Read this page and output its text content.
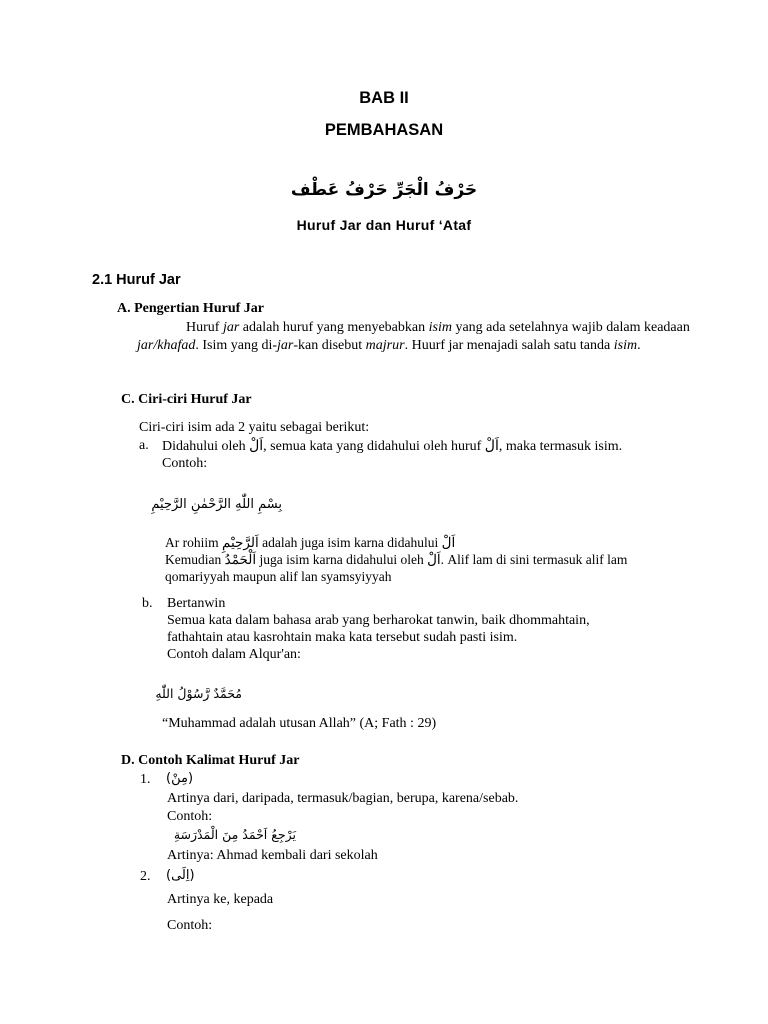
BAB II
PEMBAHASAN
حَرْفُ الْجَرِّ حَرْفُ عَطْف
Huruf Jar dan Huruf ‘Ataf
2.1 Huruf Jar
A. Pengertian Huruf Jar
Huruf jar adalah huruf yang menyebabkan isim yang ada setelahnya wajib dalam keadaan
jar/khafad. Isim yang di-jar-kan disebut majrur. Huurf jar menajadi salah satu tanda isim.
C. Ciri-ciri Huruf Jar
Ciri-ciri isim ada 2 yaitu sebagai berikut:
a. Didahului oleh اَلْ, semua kata yang didahului oleh huruf اَلْ, maka termasuk isim.
Contoh:
بِسْمِ اللّٰهِ الرَّحْمٰنِ الرَّحِيْمِ
Ar rohiim اَلرَّحِيْمِ adalah juga isim karna didahului اَلْ
Kemudian اَلْحَمْدُ juga isim karna didahului oleh اَلْ. Alif lam di sini termasuk alif lam
qomariyyah maupun alif lan syamsyiyyah
b. Bertanwin
Semua kata dalam bahasa arab yang berharokat tanwin, baik dhommahtain,
fathahtain atau kasrohtain maka kata tersebut sudah pasti isim.
Contoh dalam Alqur'an:
مُحَمَّدٌ رَّسُوْلُ اللّٰهِ
“Muhammad adalah utusan Allah” (A; Fath : 29)
D. Contoh Kalimat Huruf Jar
1. (مِنْ)
Artinya dari, daripada, termasuk/bagian, berupa, karena/sebab.
Contoh:
يَرْجِعُ اَحْمَدُ مِنَ الْمَدْرَسَةِ
Artinya: Ahmad kembali dari sekolah
2. (اِلَى)
Artinya ke, kepada
Contoh:
